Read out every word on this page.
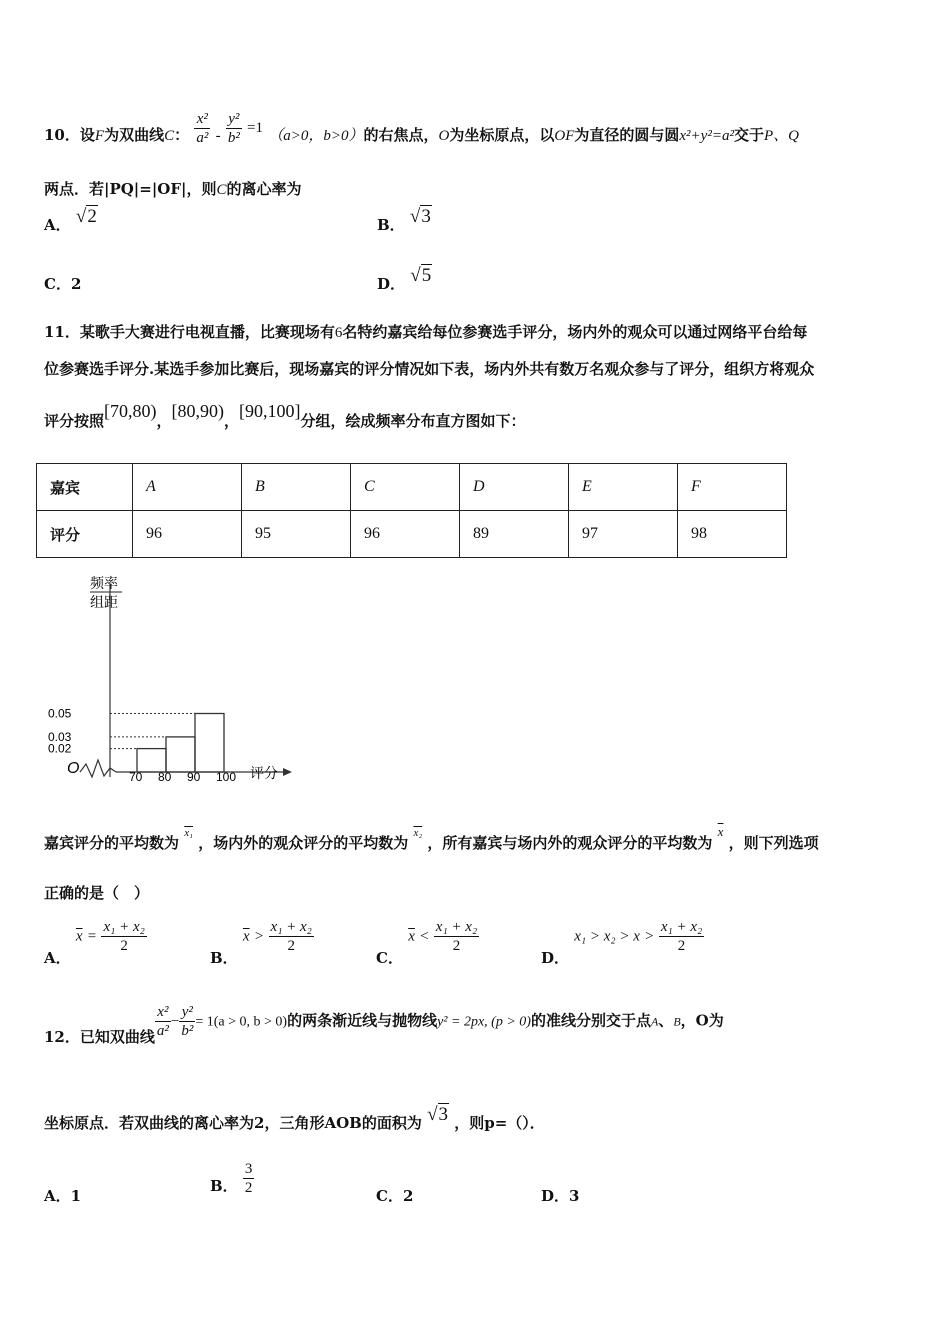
10．设F为双曲线C： $\frac{\text{x²}}{\text{a²}} - \frac{\text{y²}}{\text{b²}} =1$ （a>0，b>0）的右焦点，O为坐标原点，以OF为直径的圆与圆x²+y²=a²交于P、Q
两点．若|PQ|=|OF|，则C的离心率为
A． √2	B． √3
C．2	D． √5
11．某歌手大赛进行电视直播，比赛现场有6名特约嘉宾给每位参赛选手评分，场内外的观众可以通过网络平台给每
位参赛选手评分.某选手参加比赛后，现场嘉宾的评分情况如下表，场内外共有数万名观众参与了评分，组织方将观众
评分按照[70,80)，[80,90)，[90,100]分组，绘成频率分布直方图如下：
嘉宾	A	B	C	D	E	F
评分	96	95	96	89	97	98
频率
组距
O	评分
70 80 90 100
0.05
0.03
0.02
嘉宾评分的平均数为 $^{x_1}$ ，场内外的观众评分的平均数为 $^{x_2}$ ，所有嘉宾与场内外的观众评分的平均数为 $\overline{x}$ ，则下列选项
正确的是（　）
A． $\overline{x} = \frac{\text{x₁ + x₂}}{2}$
B． $\overline{x} > \frac{\text{x₁ + x₂}}{2}$
C． $\overline{x} < \frac{\text{x₁ + x₂}}{2}$
D． $x_1 > x_2 > x > \frac{\text{x₁ + x₂}}{2}$
12．已知双曲线 $\frac{\text{x²}}{\text{a²}} - \frac{\text{y²}}{\text{b²}} = 1(a > 0$, b > 0)的两条渐近线与抛物线y² = 2px, (p > 0)的准线分别交于点A、B，O为
坐标原点．若双曲线的离心率为2，三角形AOB的面积为 √3 ，则p=（）．
A．1
B． $\frac{3}{2}$	C．2	D．3
